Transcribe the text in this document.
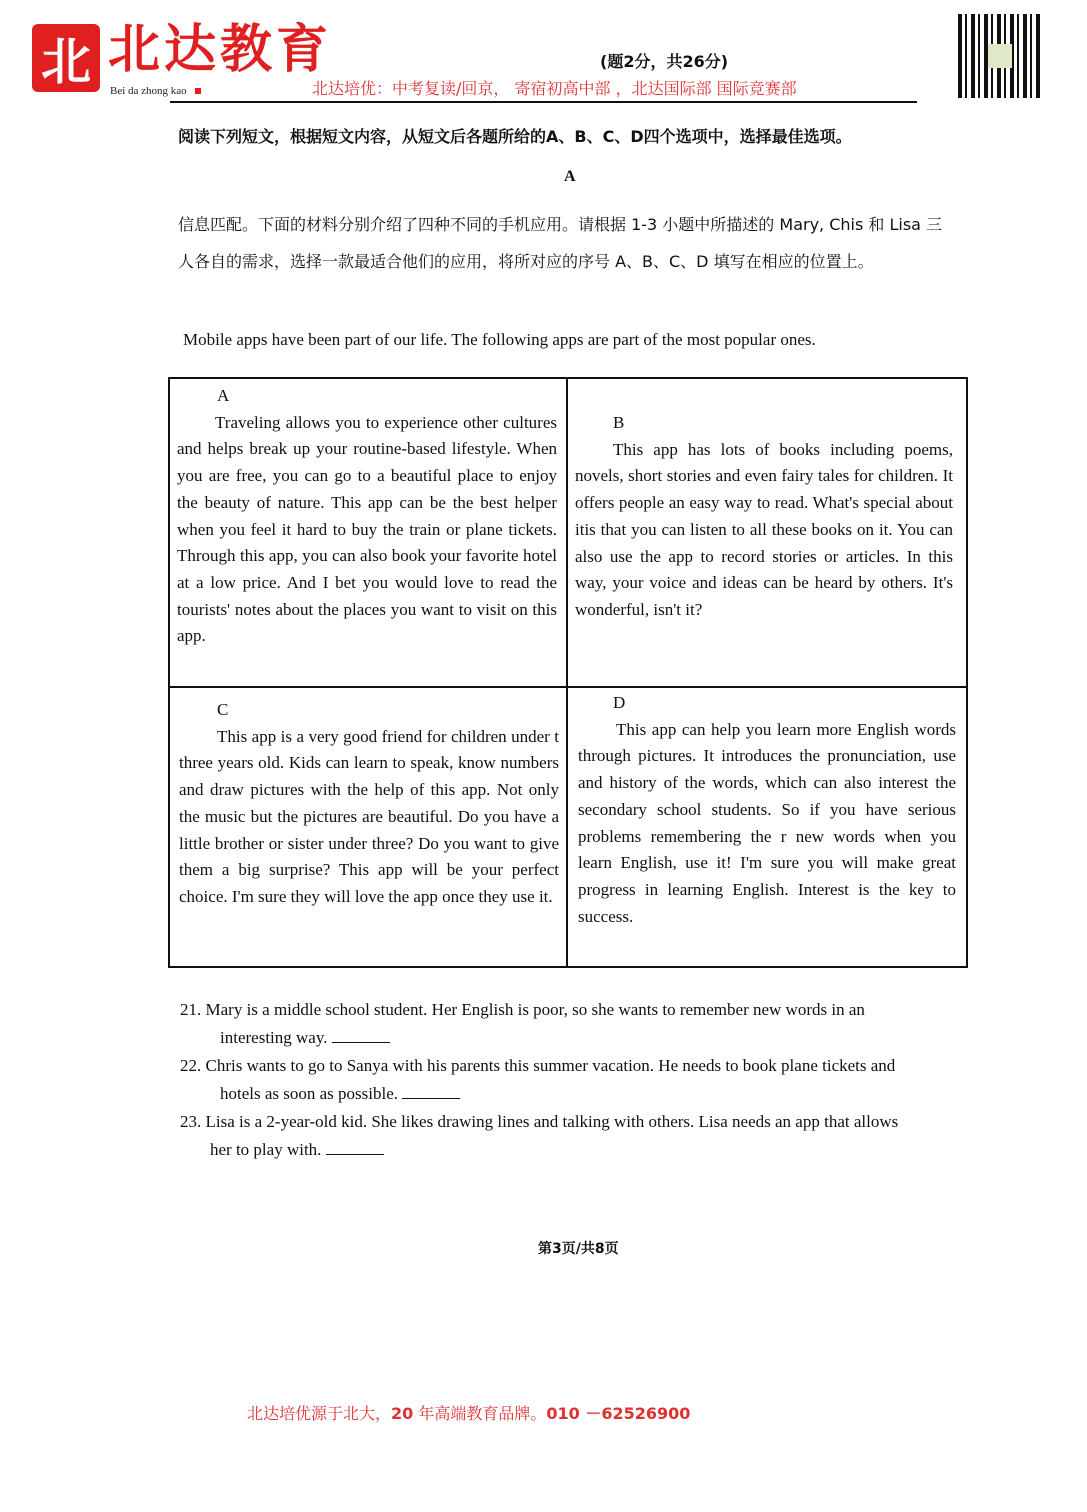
北 北达教育
Bei da zhong kao
(题2分，共26分)
北达培优：中考复读/回京， 寄宿初高中部 ，北达国际部 国际竞赛部
阅读下列短文，根据短文内容，从短文后各题所给的A、B、C、D四个选项中，选择最佳选项。
A
信息匹配。下面的材料分别介绍了四种不同的手机应用。请根据 1-3 小题中所描述的 Mary, Chis 和 Lisa 三人各自的需求，选择一款最适合他们的应用，将所对应的序号 A、B、C、D 填写在相应的位置上。
Mobile apps have been part of our life. The following apps are part of the most popular ones.
A

Traveling allows you to experience other cultures and helps break up your routine-based lifestyle. When you are free, you can go to a beautiful place to enjoy the beauty of nature. This app can be the best helper when you feel it hard to buy the train or plane tickets. Through this app, you can also book your favorite hotel at a low price. And I bet you would love to read the tourists' notes about the places you want to visit on this app.

B

This app has lots of books including poems, novels, short stories and even fairy tales for children. It offers people an easy way to read. What's special about itis that you can listen to all these books on it. You can also use the app to record stories or articles. In this way, your voice and ideas can be heard by others. It's wonderful, isn't it?

C

This app is a very good friend for children under t three years old. Kids can learn to speak, know numbers and draw pictures with the help of this app. Not only the music but the pictures are beautiful. Do you have a little brother or sister under three? Do you want to give them a big surprise? This app will be your perfect choice. I'm sure they will love the app once they use it.

D

This app can help you learn more English words through pictures. It introduces the pronunciation, use and history of the words, which can also interest the secondary school students. So if you have serious problems remembering the r new words when you learn English, use it! I'm sure you will make great progress in learning English. Interest is the key to success.

21. Mary is a middle school student. Her English is poor, so she wants to remember new words in an
interesting way.
22. Chris wants to go to Sanya with his parents this summer vacation. He needs to book plane tickets and
hotels as soon as possible.
23. Lisa is a 2-year-old kid. She likes drawing lines and talking with others. Lisa needs an app that allows
her to play with.
第3页/共8页
北达培优源于北大，20 年高端教育品牌。010 －62526900
